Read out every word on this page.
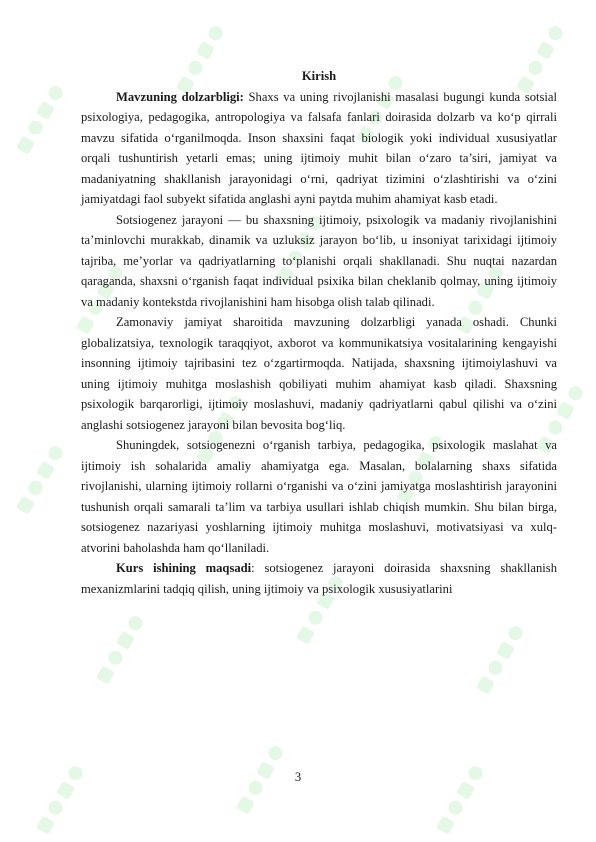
Kirish

Mavzuning dolzarbligi: Shaxs va uning rivojlanishi masalasi bugungi kunda sotsial psixologiya, pedagogika, antropologiya va falsafa fanlari doirasida dolzarb va ko‘p qirrali mavzu sifatida o‘rganilmoqda. Inson shaxsini faqat biologik yoki individual xususiyatlar orqali tushuntirish yetarli emas; uning ijtimoiy muhit bilan o‘zaro ta’siri, jamiyat va madaniyatning shakllanish jarayonidagi o‘rni, qadriyat tizimini o‘zlashtirishi va o‘zini jamiyatdagi faol subyekt sifatida anglashi ayni paytda muhim ahamiyat kasb etadi.

Sotsiogenez jarayoni — bu shaxsning ijtimoiy, psixologik va madaniy rivojlanishini ta’minlovchi murakkab, dinamik va uzluksiz jarayon bo‘lib, u insoniyat tarixidagi ijtimoiy tajriba, me’yorlar va qadriyatlarning to‘planishi orqali shakllanadi. Shu nuqtai nazardan qaraganda, shaxsni o‘rganish faqat individual psixika bilan cheklanib qolmay, uning ijtimoiy va madaniy kontekstda rivojlanishini ham hisobga olish talab qilinadi.

Zamonaviy jamiyat sharoitida mavzuning dolzarbligi yanada oshadi. Chunki globalizatsiya, texnologik taraqqiyot, axborot va kommunikatsiya vositalarining kengayishi insonning ijtimoiy tajribasini tez o‘zgartirmoqda. Natijada, shaxsning ijtimoiylashuvi va uning ijtimoiy muhitga moslashish qobiliyati muhim ahamiyat kasb qiladi. Shaxsning psixologik barqarorligi, ijtimoiy moslashuvi, madaniy qadriyatlarni qabul qilishi va o‘zini anglashi sotsiogenez jarayoni bilan bevosita bog‘liq.

Shuningdek, sotsiogenezni o‘rganish tarbiya, pedagogika, psixologik maslahat va ijtimoiy ish sohalarida amaliy ahamiyatga ega. Masalan, bolalarning shaxs sifatida rivojlanishi, ularning ijtimoiy rollarni o‘rganishi va o‘zini jamiyatga moslashtirish jarayonini tushunish orqali samarali ta’lim va tarbiya usullari ishlab chiqish mumkin. Shu bilan birga, sotsiogenez nazariyasi yoshlarning ijtimoiy muhitga moslashuvi, motivatsiyasi va xulq-atvorini baholashda ham qo‘llaniladi.

Kurs ishining maqsadi: sotsiogenez jarayoni doirasida shaxsning shakllanish mexanizmlarini tadqiq qilish, uning ijtimoiy va psixologik xususiyatlarini

3
